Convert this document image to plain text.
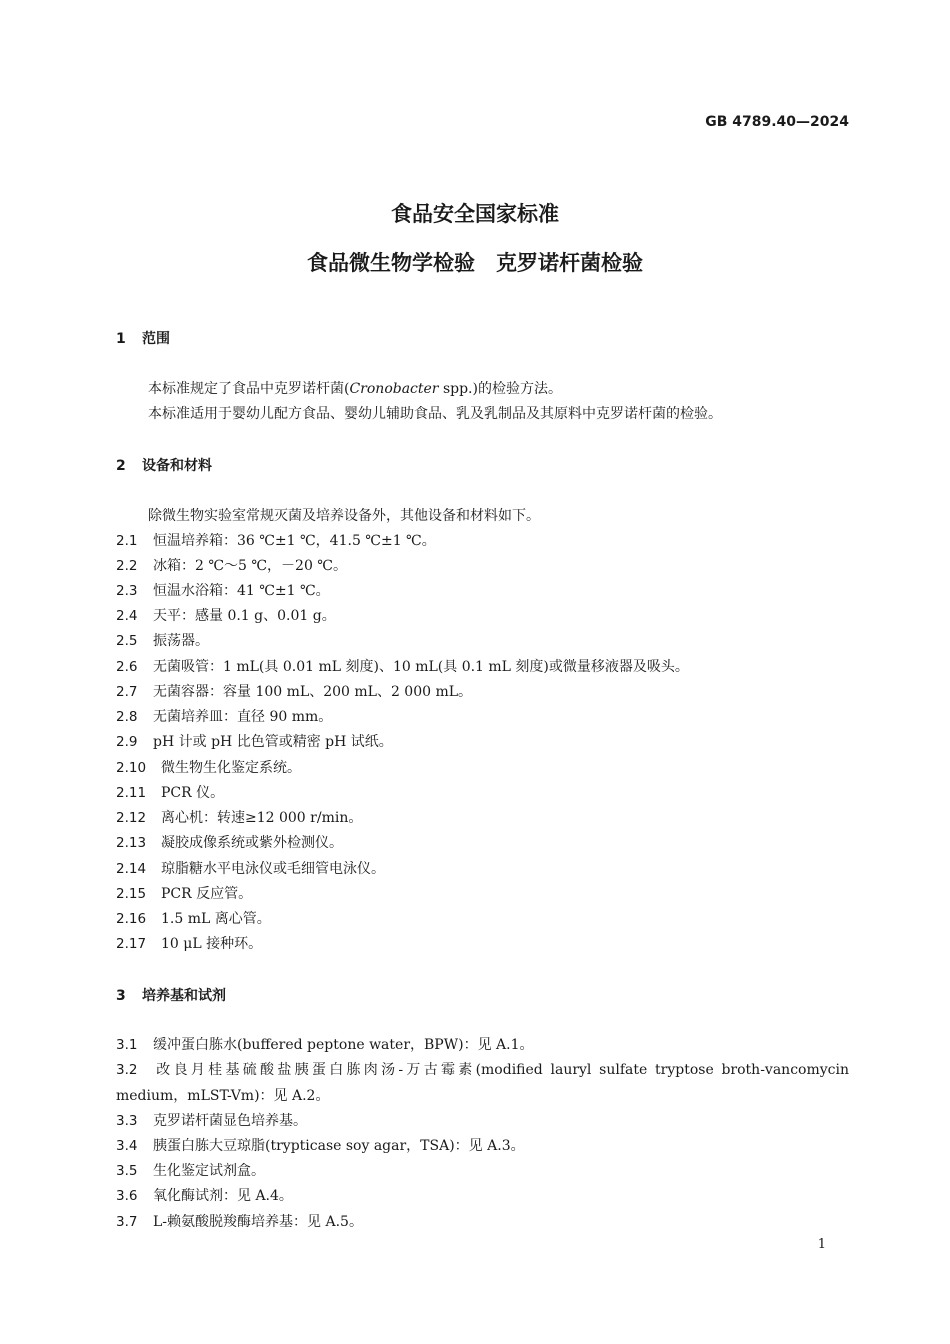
GB 4789.40—2024
食品安全国家标准
食品微生物学检验　克罗诺杆菌检验
1 范围
本标准规定了食品中克罗诺杆菌(Cronobacter spp.)的检验方法。
本标准适用于婴幼儿配方食品、婴幼儿辅助食品、乳及乳制品及其原料中克罗诺杆菌的检验。
2 设备和材料
除微生物实验室常规灭菌及培养设备外，其他设备和材料如下。
2.1 恒温培养箱：36 ℃±1 ℃，41.5 ℃±1 ℃。
2.2 冰箱：2 ℃～5 ℃，－20 ℃。
2.3 恒温水浴箱：41 ℃±1 ℃。
2.4 天平：感量 0.1 g、0.01 g。
2.5 振荡器。
2.6 无菌吸管：1 mL(具 0.01 mL 刻度)、10 mL(具 0.1 mL 刻度)或微量移液器及吸头。
2.7 无菌容器：容量 100 mL、200 mL、2 000 mL。
2.8 无菌培养皿：直径 90 mm。
2.9 pH 计或 pH 比色管或精密 pH 试纸。
2.10 微生物生化鉴定系统。
2.11 PCR 仪。
2.12 离心机：转速≥12 000 r/min。
2.13 凝胶成像系统或紫外检测仪。
2.14 琼脂糖水平电泳仪或毛细管电泳仪。
2.15 PCR 反应管。
2.16 1.5 mL 离心管。
2.17 10 μL 接种环。
3 培养基和试剂
3.1 缓冲蛋白胨水(buffered peptone water，BPW)：见 A.1。
3.2 改良月桂基硫酸盐胰蛋白胨肉汤-万古霉素(modified lauryl sulfate tryptose broth-vancomycin
medium，mLST-Vm)：见 A.2。
3.3 克罗诺杆菌显色培养基。
3.4 胰蛋白胨大豆琼脂(trypticase soy agar，TSA)：见 A.3。
3.5 生化鉴定试剂盒。
3.6 氧化酶试剂：见 A.4。
3.7 L-赖氨酸脱羧酶培养基：见 A.5。
1
